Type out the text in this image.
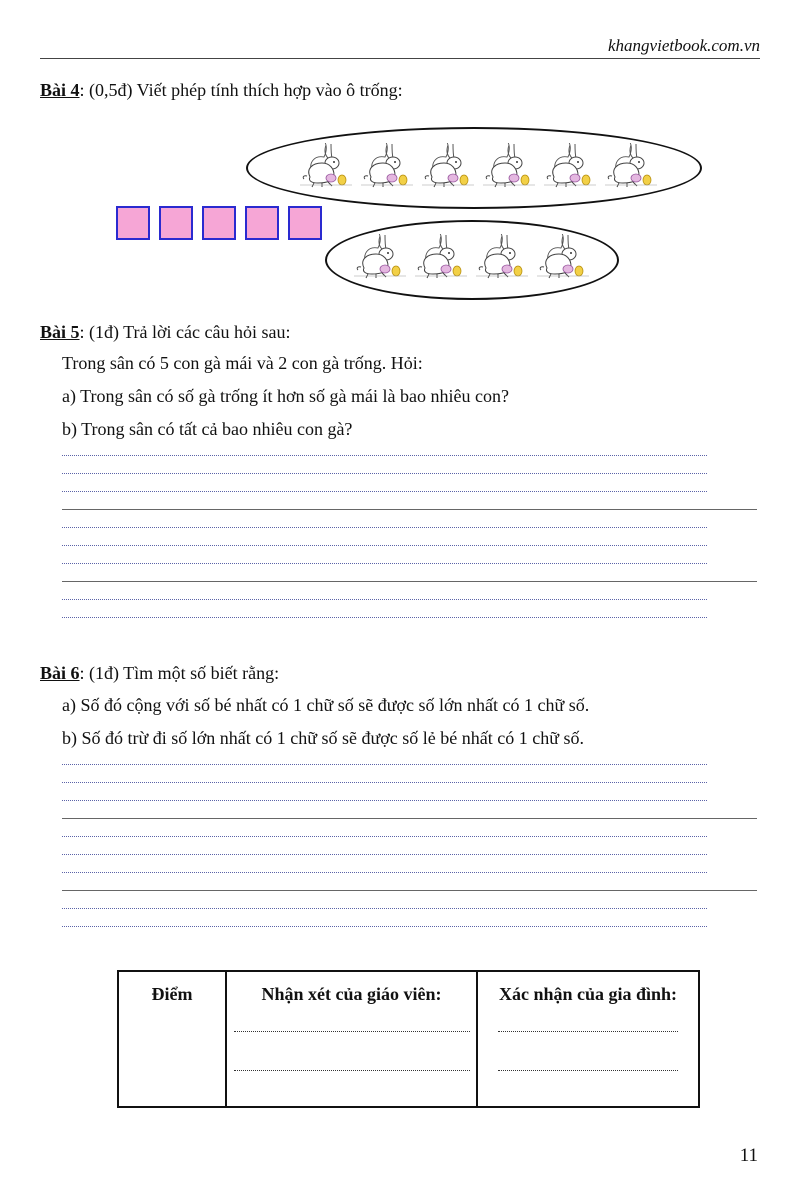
khangvietbook.com.vn
Bài 4: (0,5đ) Viết phép tính thích hợp vào ô trống:
Bài 5: (1đ) Trả lời các câu hỏi sau:
Trong sân có 5 con gà mái và 2 con gà trống. Hỏi:
a) Trong sân có số gà trống ít hơn số gà mái là bao nhiêu con?
b) Trong sân có tất cả bao nhiêu con gà?
Bài 6: (1đ) Tìm một số biết rằng:
a) Số đó cộng với số bé nhất có 1 chữ số sẽ được số lớn nhất có 1 chữ số.
b) Số đó trừ đi số lớn nhất có 1 chữ số sẽ được số lẻ bé nhất có 1 chữ số.
Điểm	Nhận xét của giáo viên:	Xác nhận của gia đình:
11
